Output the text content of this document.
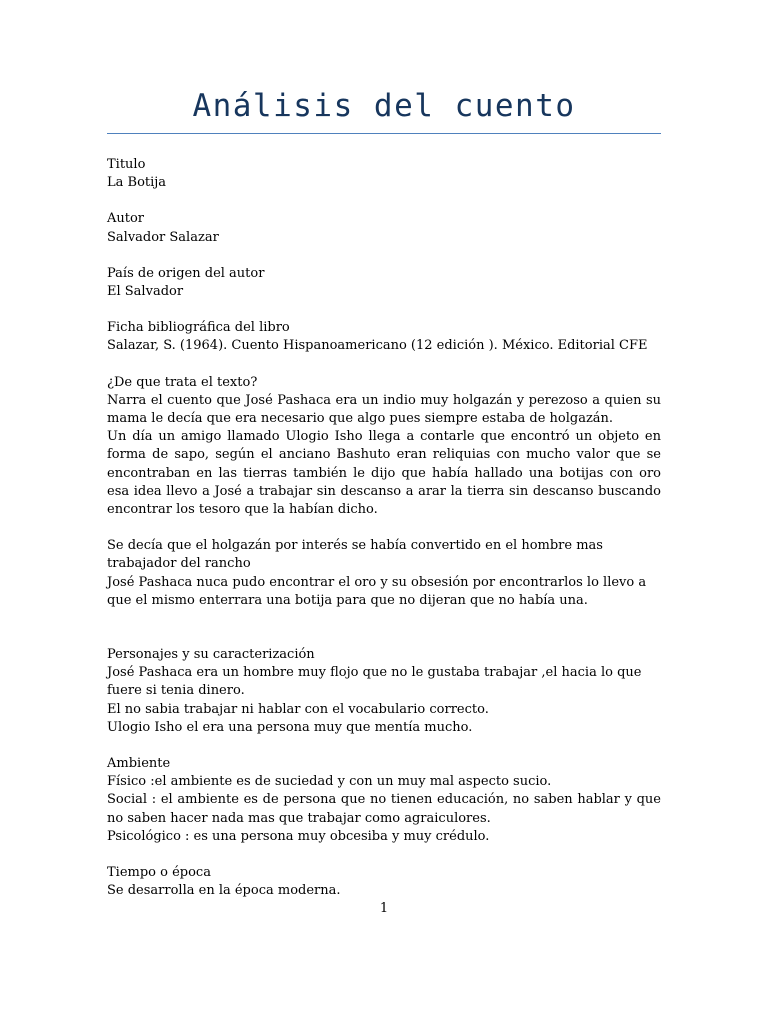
Análisis del cuento

Titulo

La Botija

Autor

Salvador Salazar

País de origen del autor

El Salvador

Ficha bibliográfica del libro

Salazar, S. (1964). Cuento Hispanoamericano (12 edición ). México. Editorial CFE

¿De que trata el texto?

Narra el cuento que José Pashaca era un indio muy holgazán y perezoso a quien su mama le decía que era necesario que algo pues siempre estaba de holgazán.

Un día un amigo llamado Ulogio Isho llega a contarle que encontró un objeto en forma de sapo, según el anciano Bashuto eran reliquias con mucho valor que se encontraban en las tierras también le dijo que había hallado una botijas con oro esa idea llevo a José a trabajar sin descanso a arar la tierra sin descanso buscando encontrar los tesoro que la habían dicho.

Se decía que el holgazán por interés se había convertido en el hombre mas trabajador del rancho

José Pashaca nuca pudo encontrar el oro y su obsesión por encontrarlos lo llevo a que el mismo enterrara una botija para que no dijeran que no había una.

Personajes y su caracterización

José Pashaca era un hombre muy flojo que no le gustaba trabajar ,el hacia lo que fuere si tenia dinero.

El no sabia trabajar ni hablar con el vocabulario correcto.

Ulogio Isho el era una persona muy que mentía mucho.

Ambiente

Físico :el ambiente es de suciedad y con un muy mal aspecto sucio.

Social : el ambiente es de persona que no tienen educación, no saben hablar y que no saben hacer nada mas que trabajar como agraiculores.

Psicológico : es una persona muy obcesiba y muy crédulo.

Tiempo o época

Se desarrolla en la época moderna.

1
